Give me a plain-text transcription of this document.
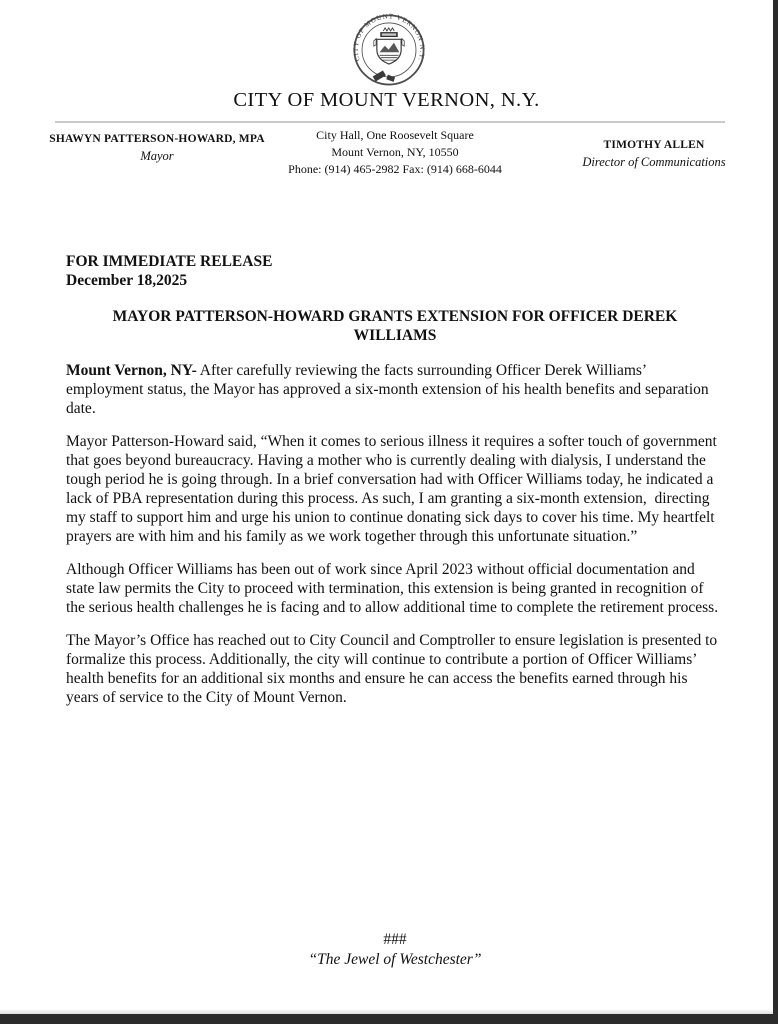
CITY OF MOUNT VERNON N.Y.
CITY OF MOUNT VERNON, N.Y.
SHAWYN PATTERSON-HOWARD, MPA
Mayor
City Hall, One Roosevelt Square
Mount Vernon, NY, 10550
Phone: (914) 465-2982 Fax: (914) 668-6044
TIMOTHY ALLEN
Director of Communications

FOR IMMEDIATE RELEASE

December 18,2025

MAYOR PATTERSON-HOWARD GRANTS EXTENSION FOR OFFICER DEREK WILLIAMS

Mount Vernon, NY- After carefully reviewing the facts surrounding Officer Derek Williams’ employment status, the Mayor has approved a six-month extension of his health benefits and separation date.

Mayor Patterson-Howard said, “When it comes to serious illness it requires a softer touch of government that goes beyond bureaucracy. Having a mother who is currently dealing with dialysis, I understand the tough period he is going through. In a brief conversation had with Officer Williams today, he indicated a lack of PBA representation during this process. As such, I am granting a six-month extension,  directing my staff to support him and urge his union to continue donating sick days to cover his time. My heartfelt prayers are with him and his family as we work together through this unfortunate situation.”

Although Officer Williams has been out of work since April 2023 without official documentation and state law permits the City to proceed with termination, this extension is being granted in recognition of the serious health challenges he is facing and to allow additional time to complete the retirement process.

The Mayor’s Office has reached out to City Council and Comptroller to ensure legislation is presented to formalize this process. Additionally, the city will continue to contribute a portion of Officer Williams’ health benefits for an additional six months and ensure he can access the benefits earned through his years of service to the City of Mount Vernon.

###
“The Jewel of Westchester”
